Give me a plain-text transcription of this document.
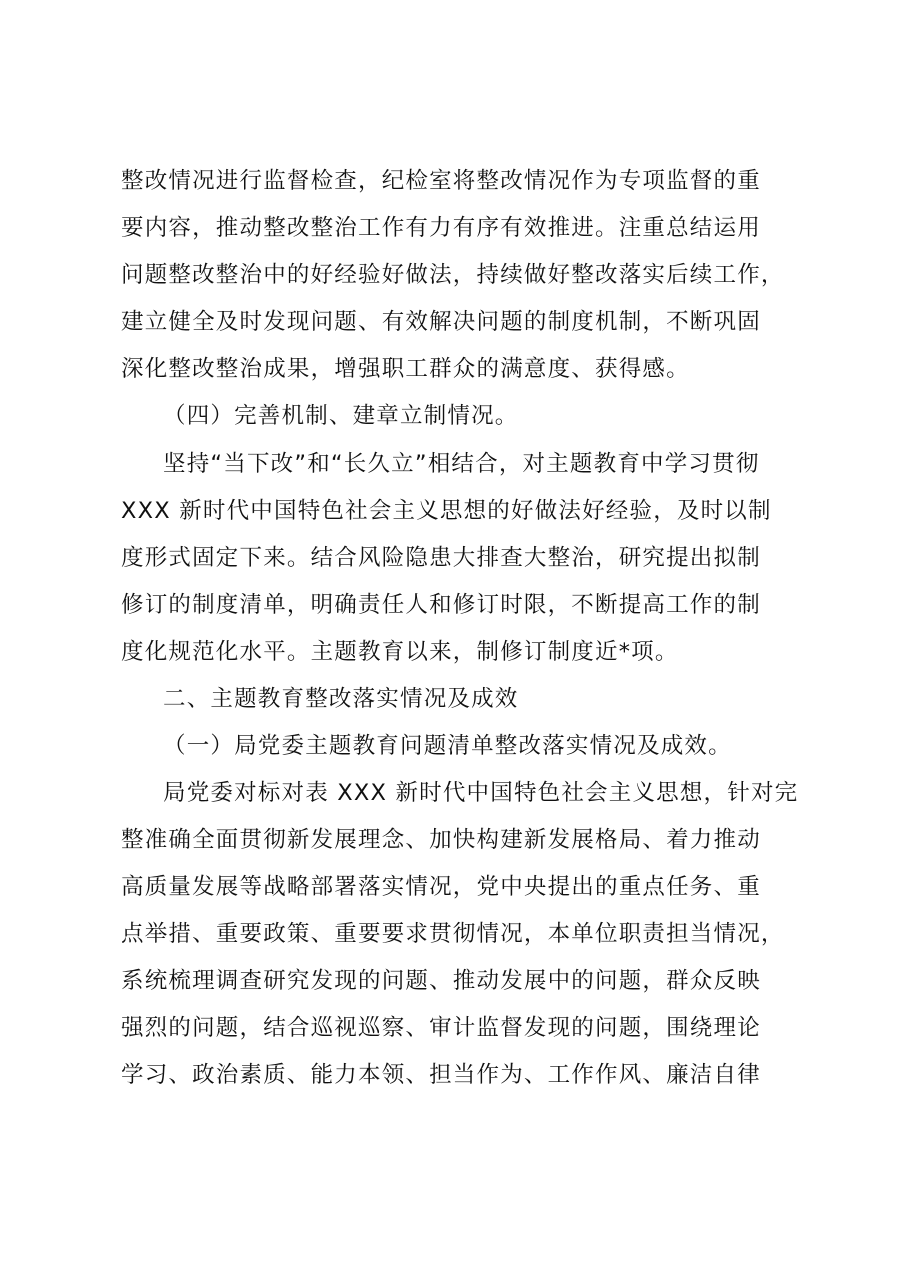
整改情况进行监督检查，纪检室将整改情况作为专项监督的重
要内容，推动整改整治工作有力有序有效推进。注重总结运用
问题整改整治中的好经验好做法，持续做好整改落实后续工作，
建立健全及时发现问题、有效解决问题的制度机制，不断巩固
深化整改整治成果，增强职工群众的满意度、获得感。
（四）完善机制、建章立制情况。
坚持“当下改”和“长久立”相结合，对主题教育中学习贯彻
XXX 新时代中国特色社会主义思想的好做法好经验，及时以制
度形式固定下来。结合风险隐患大排查大整治，研究提出拟制
修订的制度清单，明确责任人和修订时限，不断提高工作的制
度化规范化水平。主题教育以来，制修订制度近*项。
二、主题教育整改落实情况及成效
（一）局党委主题教育问题清单整改落实情况及成效。
局党委对标对表 XXX 新时代中国特色社会主义思想，针对完
整准确全面贯彻新发展理念、加快构建新发展格局、着力推动
高质量发展等战略部署落实情况，党中央提出的重点任务、重
点举措、重要政策、重要要求贯彻情况，本单位职责担当情况，
系统梳理调查研究发现的问题、推动发展中的问题，群众反映
强烈的问题，结合巡视巡察、审计监督发现的问题，围绕理论
学习、政治素质、能力本领、担当作为、工作作风、廉洁自律
